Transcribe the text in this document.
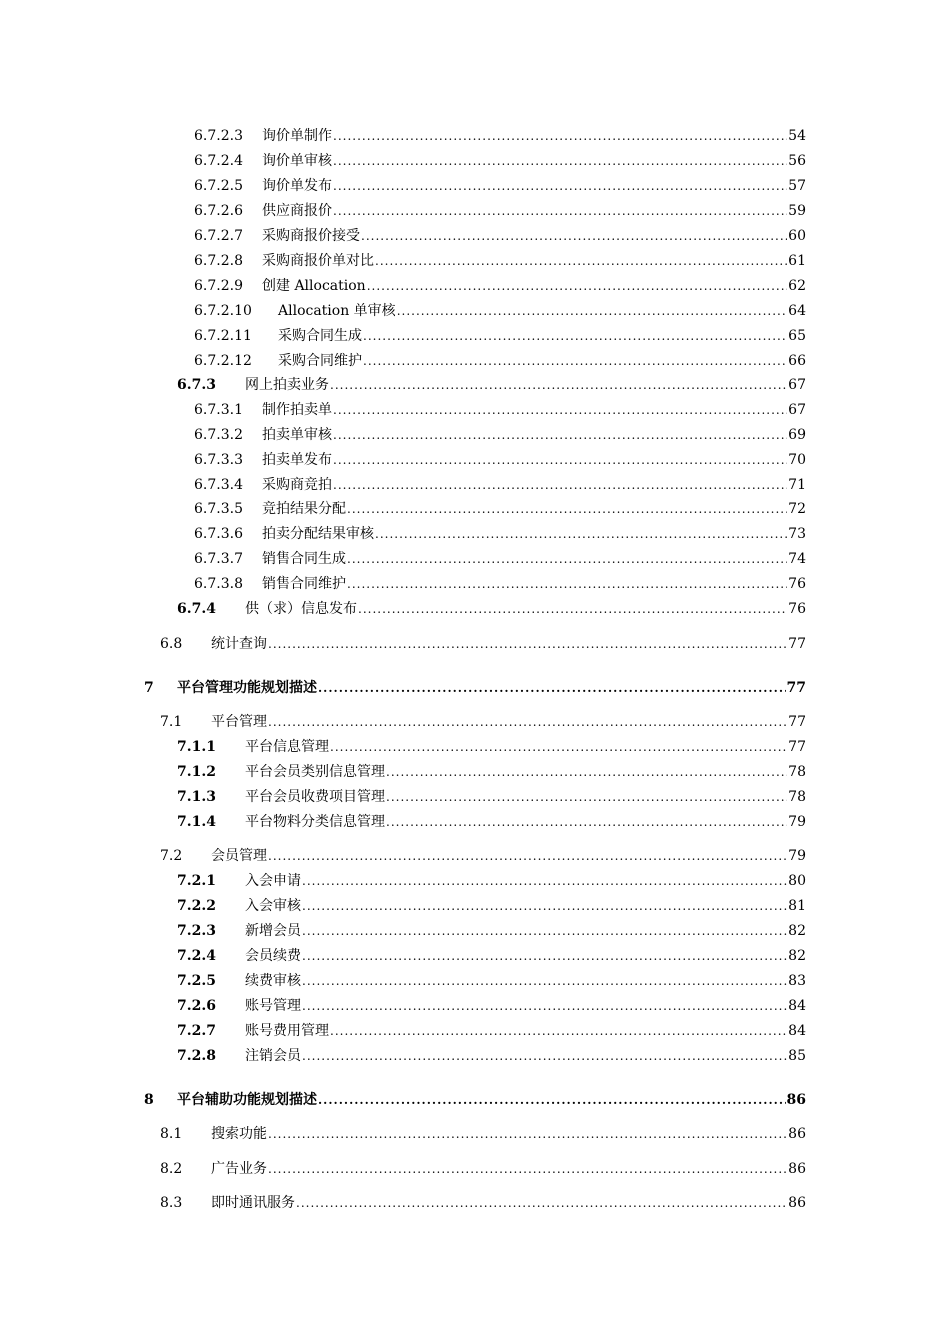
6.7.2.3	询价单制作 .....	54
6.7.2.4	询价单审核 .....	56
6.7.2.5	询价单发布 .....	57
6.7.2.6	供应商报价 .....	59
6.7.2.7	采购商报价接受 .....	60
6.7.2.8	采购商报价单对比 .....	61
6.7.2.9	创建 Allocation .....	62
6.7.2.10	Allocation 单审核 .....	64
6.7.2.11	采购合同生成 .....	65
6.7.2.12	采购合同维护 .....	66
6.7.3	网上拍卖业务 .....	67
6.7.3.1	制作拍卖单 .....	67
6.7.3.2	拍卖单审核 .....	69
6.7.3.3	拍卖单发布 .....	70
6.7.3.4	采购商竞拍 .....	71
6.7.3.5	竞拍结果分配 .....	72
6.7.3.6	拍卖分配结果审核 .....	73
6.7.3.7	销售合同生成 .....	74
6.7.3.8	销售合同维护 .....	76
6.7.4	供（求）信息发布 .....	76
6.8	统计查询 .....	77
7	平台管理功能规划描述 .....	77
7.1	平台管理 .....	77
7.1.1	平台信息管理 .....	77
7.1.2	平台会员类别信息管理 .....	78
7.1.3	平台会员收费项目管理 .....	78
7.1.4	平台物料分类信息管理 .....	79
7.2	会员管理 .....	79
7.2.1	入会申请 .....	80
7.2.2	入会审核 .....	81
7.2.3	新增会员 .....	82
7.2.4	会员续费 .....	82
7.2.5	续费审核 .....	83
7.2.6	账号管理 .....	84
7.2.7	账号费用管理 .....	84
7.2.8	注销会员 .....	85
8	平台辅助功能规划描述 .....	86
8.1	搜索功能 .....	86
8.2	广告业务 .....	86
8.3	即时通讯服务 .....	86
